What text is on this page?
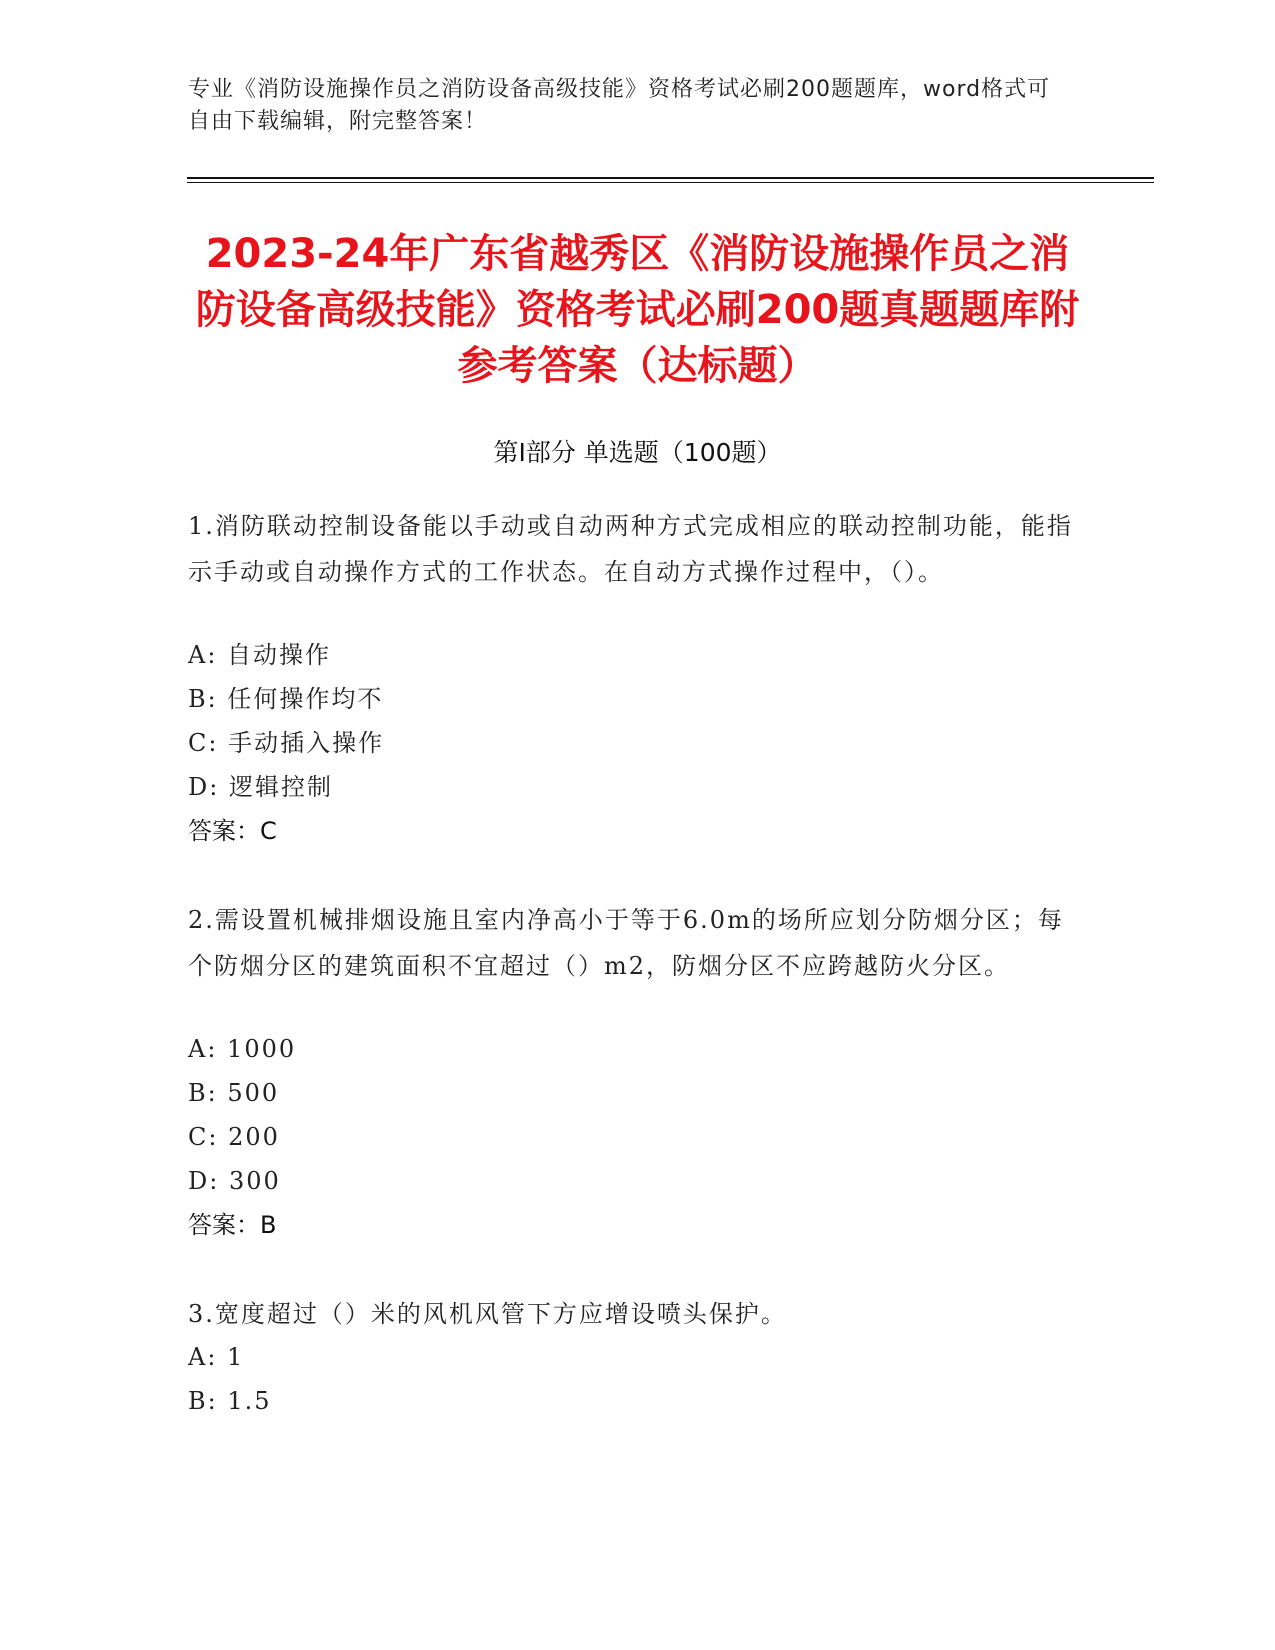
专业《消防设施操作员之消防设备高级技能》资格考试必刷200题题库，word格式可自由下载编辑，附完整答案！
2023-24年广东省越秀区《消防设施操作员之消防设备高级技能》资格考试必刷200题真题题库附参考答案（达标题）
第Ⅰ部分 单选题（100题）
1.消防联动控制设备能以手动或自动两种方式完成相应的联动控制功能，能指示手动或自动操作方式的工作状态。在自动方式操作过程中，（）。
A: 自动操作
B: 任何操作均不
C: 手动插入操作
D: 逻辑控制
答案：C
2.需设置机械排烟设施且室内净高小于等于6.0m的场所应划分防烟分区；每个防烟分区的建筑面积不宜超过（）m2，防烟分区不应跨越防火分区。
A: 1000
B: 500
C: 200
D: 300
答案：B
3.宽度超过（）米的风机风管下方应增设喷头保护。
A: 1
B: 1.5
